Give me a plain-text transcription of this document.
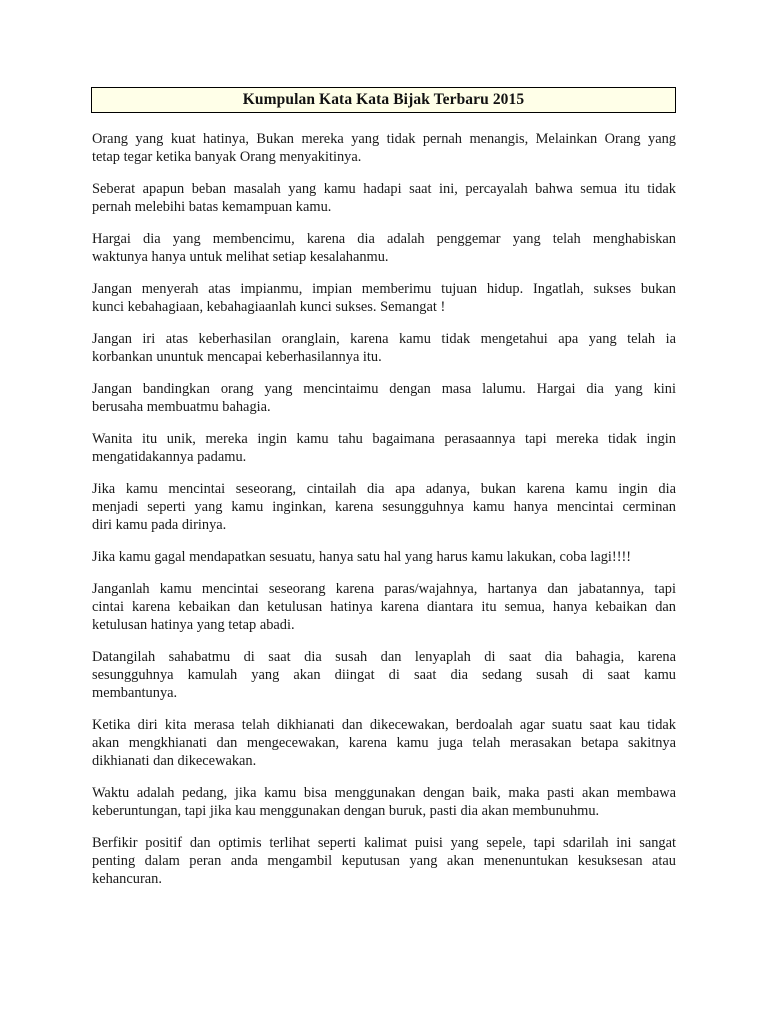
Kumpulan Kata Kata Bijak Terbaru 2015
Orang yang kuat hatinya, Bukan mereka yang tidak pernah menangis, Melainkan Orang yang
tetap tegar ketika banyak Orang menyakitinya.
Seberat apapun beban masalah yang kamu hadapi saat ini, percayalah bahwa semua itu tidak
pernah melebihi batas kemampuan kamu.
Hargai dia yang membencimu, karena dia adalah penggemar yang telah menghabiskan
waktunya hanya untuk melihat setiap kesalahanmu.
Jangan menyerah atas impianmu, impian memberimu tujuan hidup. Ingatlah, sukses bukan
kunci kebahagiaan, kebahagiaanlah kunci sukses. Semangat !
Jangan iri atas keberhasilan oranglain, karena kamu tidak mengetahui apa yang telah ia
korbankan ununtuk mencapai keberhasilannya itu.
Jangan bandingkan orang yang mencintaimu dengan masa lalumu. Hargai dia yang kini
berusaha membuatmu bahagia.
Wanita itu unik, mereka ingin kamu tahu bagaimana perasaannya tapi mereka tidak ingin
mengatidakannya padamu.
Jika kamu mencintai seseorang, cintailah dia apa adanya, bukan karena kamu ingin dia
menjadi seperti yang kamu inginkan, karena sesungguhnya kamu hanya mencintai cerminan
diri kamu pada dirinya.
Jika kamu gagal mendapatkan sesuatu, hanya satu hal yang harus kamu lakukan, coba lagi!!!!
Janganlah kamu mencintai seseorang karena paras/wajahnya, hartanya dan jabatannya, tapi
cintai karena kebaikan dan ketulusan hatinya karena diantara itu semua, hanya kebaikan dan
ketulusan hatinya yang tetap abadi.
Datangilah sahabatmu di saat dia susah dan lenyaplah di saat dia bahagia, karena
sesungguhnya kamulah yang akan diingat di saat dia sedang susah di saat kamu
membantunya.
Ketika diri kita merasa telah dikhianati dan dikecewakan, berdoalah agar suatu saat kau tidak
akan mengkhianati dan mengecewakan, karena kamu juga telah merasakan betapa sakitnya
dikhianati dan dikecewakan.
Waktu adalah pedang, jika kamu bisa menggunakan dengan baik, maka pasti akan membawa
keberuntungan, tapi jika kau menggunakan dengan buruk, pasti dia akan membunuhmu.
Berfikir positif dan optimis terlihat seperti kalimat puisi yang sepele, tapi sdarilah ini sangat
penting dalam peran anda mengambil keputusan yang akan menenuntukan kesuksesan atau
kehancuran.
